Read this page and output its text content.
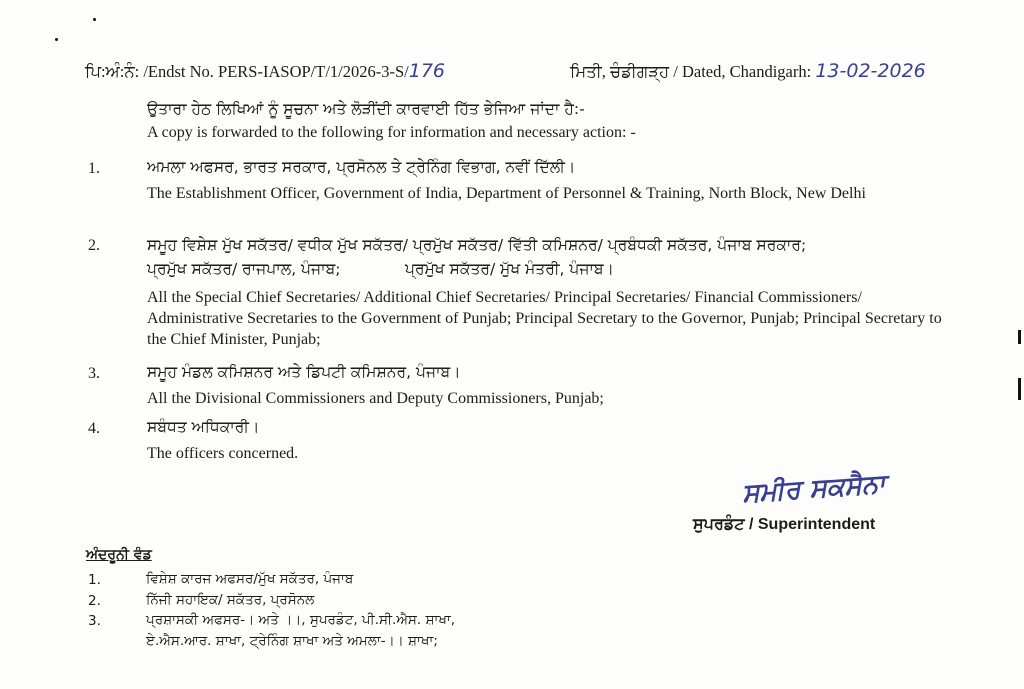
ਪਿ:ਅੰ:ਨੰ: /Endst No. PERS-IASOP/T/1/2026-3-S/176	ਮਿਤੀ, ਚੰਡੀਗੜ੍ਹ / Dated, Chandigarh: 13-02-2026
ਉਤਾਰਾ ਹੇਠ ਲਿਖਿਆਂ ਨੂੰ ਸੂਚਨਾ ਅਤੇ ਲੋੜੀਂਦੀ ਕਾਰਵਾਈ ਹਿੱਤ ਭੇਜਿਆ ਜਾਂਦਾ ਹੈ:-
A copy is forwarded to the following for information and necessary action: -
1.	ਅਮਲਾ ਅਫਸਰ, ਭਾਰਤ ਸਰਕਾਰ, ਪ੍ਰਸੋਨਲ ਤੇ ਟ੍ਰੇਨਿੰਗ ਵਿਭਾਗ, ਨਵੀਂ ਦਿੱਲੀ।
The Establishment Officer, Government of India, Department of Personnel & Training, North Block, New Delhi
2.	ਸਮੂਹ ਵਿਸ਼ੇਸ਼ ਮੁੱਖ ਸਕੱਤਰ/ ਵਧੀਕ ਮੁੱਖ ਸਕੱਤਰ/ ਪ੍ਰਮੁੱਖ ਸਕੱਤਰ/ ਵਿੱਤੀ ਕਮਿਸ਼ਨਰ/ ਪ੍ਰਬੰਧਕੀ ਸਕੱਤਰ, ਪੰਜਾਬ ਸਰਕਾਰ;
ਪ੍ਰਮੁੱਖ ਸਕੱਤਰ/ ਰਾਜਪਾਲ, ਪੰਜਾਬ;	ਪ੍ਰਮੁੱਖ ਸਕੱਤਰ/ ਮੁੱਖ ਮੰਤਰੀ, ਪੰਜਾਬ।
All the Special Chief Secretaries/ Additional Chief Secretaries/ Principal Secretaries/ Financial Commissioners/ Administrative Secretaries to the Government of Punjab; Principal Secretary to the Governor, Punjab; Principal Secretary to the Chief Minister, Punjab;
3.	ਸਮੂਹ ਮੰਡਲ ਕਮਿਸ਼ਨਰ ਅਤੇ ਡਿਪਟੀ ਕਮਿਸ਼ਨਰ, ਪੰਜਾਬ।
All the Divisional Commissioners and Deputy Commissioners, Punjab;
4.	ਸਬੰਧਤ ਅਧਿਕਾਰੀ।
The officers concerned.
ਸਮੀਰ ਸਕਸੈਨਾ
ਸੁਪਰਡੰਟ / Superintendent
ਅੰਦਰੂਨੀ ਵੰਡ
1.	ਵਿਸ਼ੇਸ਼ ਕਾਰਜ ਅਫਸਰ/ਮੁੱਖ ਸਕੱਤਰ, ਪੰਜਾਬ
2.	ਨਿੱਜੀ ਸਹਾਇਕ/ ਸਕੱਤਰ, ਪ੍ਰਸੋਨਲ
3.	ਪ੍ਰਸ਼ਾਸਕੀ ਅਫਸਰ-। ਅਤੇ ।।, ਸੁਪਰਡੰਟ, ਪੀ.ਸੀ.ਐਸ. ਸ਼ਾਖਾ,
ਏ.ਐਸ.ਆਰ. ਸ਼ਾਖਾ, ਟ੍ਰੇਨਿੰਗ ਸ਼ਾਖਾ ਅਤੇ ਅਮਲਾ-।। ਸ਼ਾਖਾ;
